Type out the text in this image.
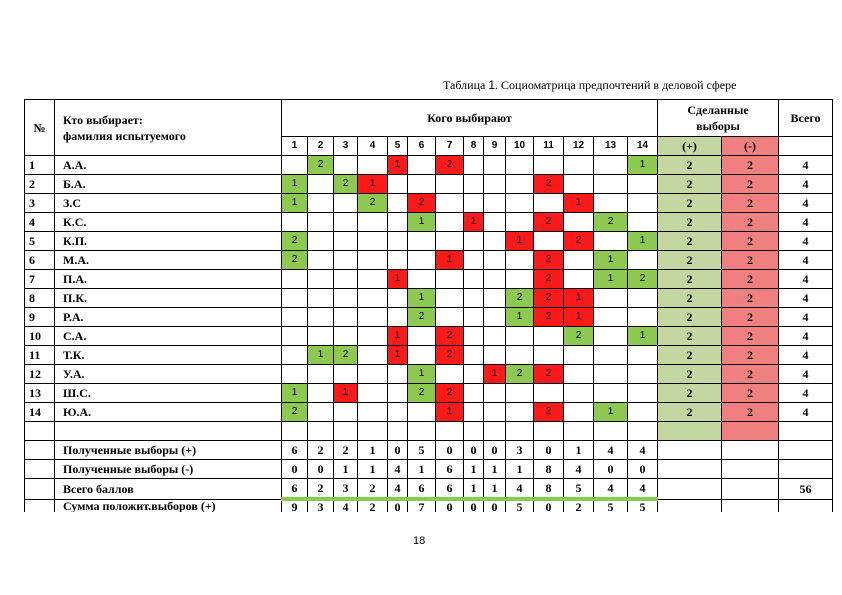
Таблица 1. Социоматрица предпочтений в деловой сфере
№	Кто выбирает:
фамилия испытуемого	Кого выбирают														Сделанные
выборы		Всего
		1	2	3	4	5	6	7	8	9	10	11	12	13	14	(+)	(-)	
1	А.А.		2			1		2							1	2	2	4
2	Б.А.	1		2	1							2				2	2	4
3	З.С	1			2		2						1			2	2	4
4	К.С.						1		1			2		2		2	2	4
5	К.П.	2									1		2		1	2	2	4
6	М.А.	2						1				2		1		2	2	4
7	П.А.					1						2		1	2	2	2	4
8	П.К.						1				2	2	1			2	2	4
9	Р.А.						2				1	2	1			2	2	4
10	С.А.					1		2					2		1	2	2	4
11	Т.К.		1	2		1		2								2	2	4
12	У.А.						1			1	2	2				2	2	4
13	Ш.С.	1		1			2	2								2	2	4
14	Ю.А.	2						1				2		1		2	2	4

	Полученные выборы (+)	6	2	2	1	0	5	0	0	0	3	0	1	4	4			
	Полученные выборы (-)	0	0	1	1	4	1	6	1	1	1	8	4	0	0			
	Всего баллов	6	2	3	2	4	6	6	1	1	4	8	5	4	4			56
	Сумма положит.выборов (+)	9	3	4	2	0	7	0	0	0	5	0	2	5	5			
18
